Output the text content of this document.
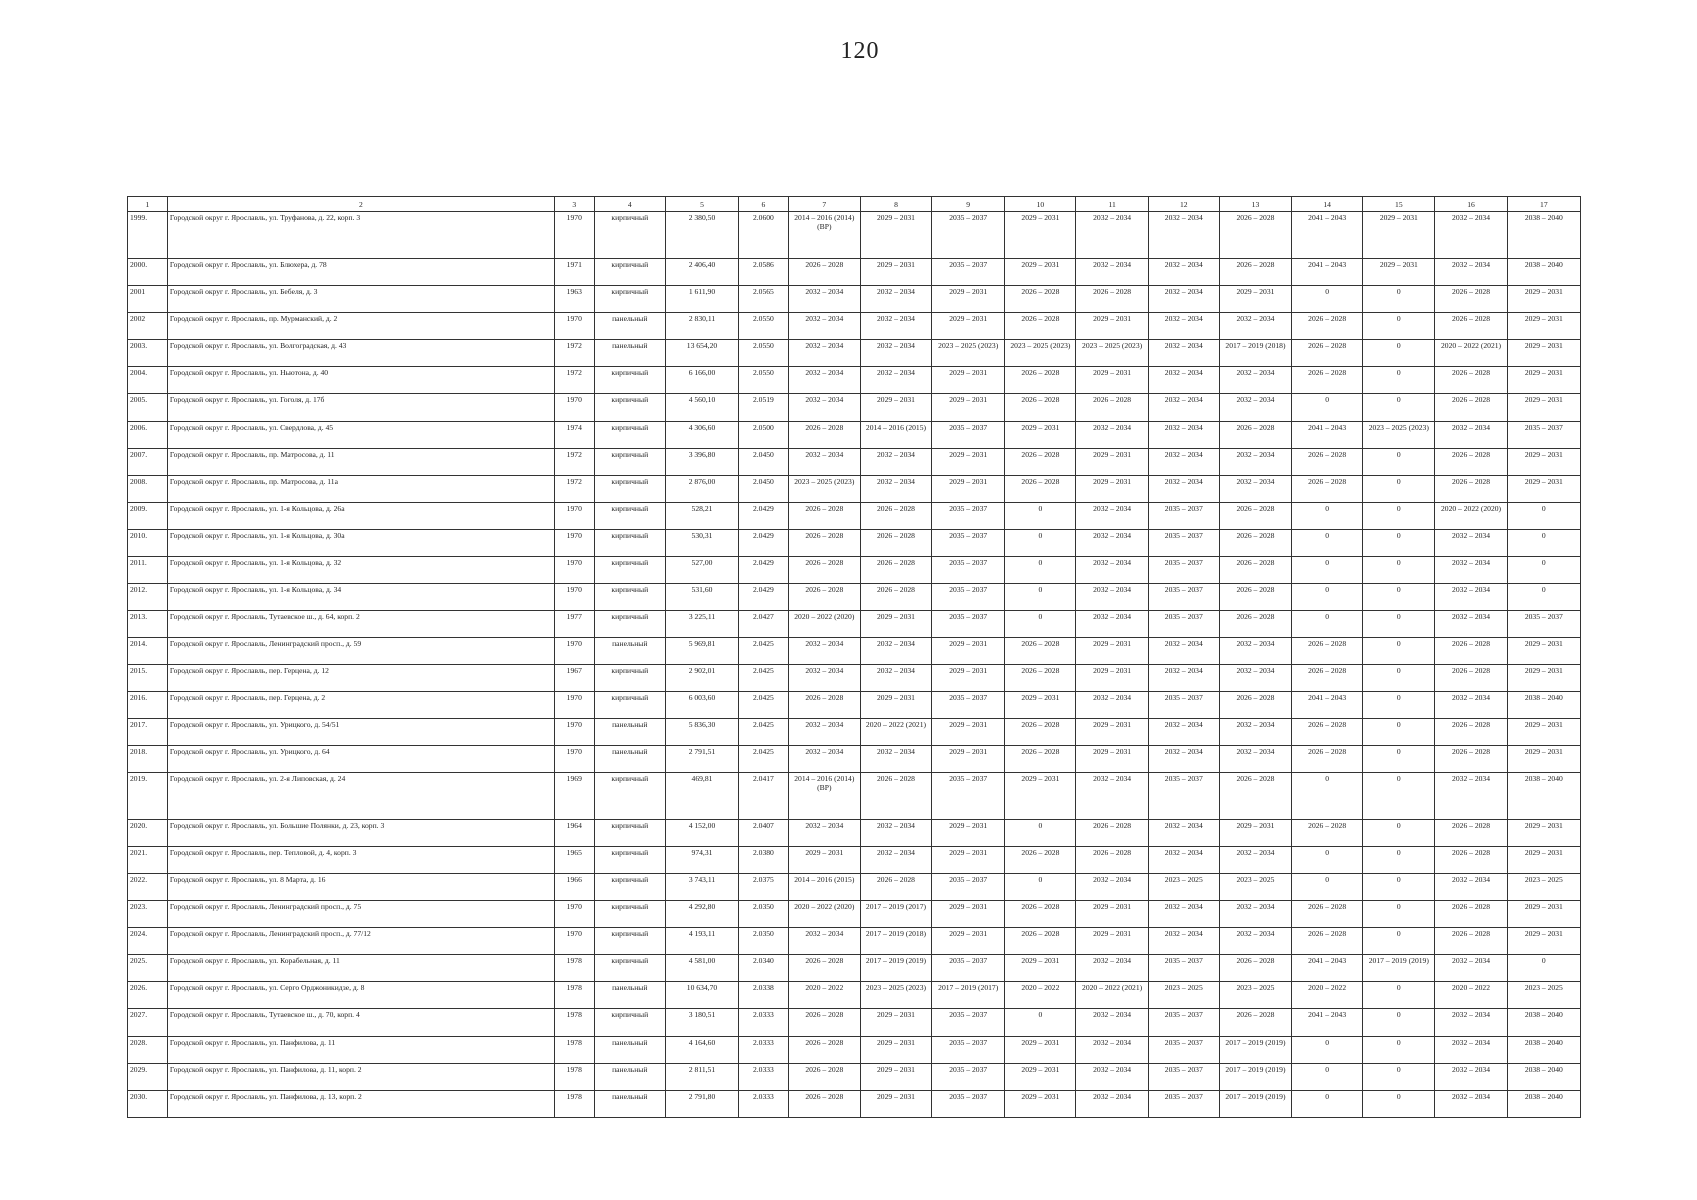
120
1	2	3	4	5	6	7	8	9	10	11	12	13	14	15	16	17
1999.	Городской округ г. Ярославль, ул. Труфанова, д. 22, корп. 3	1970	кирпичный	2 380,50	2.0600	2014 – 2016 (2014) (ВР)	2029 – 2031	2035 – 2037	2029 – 2031	2032 – 2034	2032 – 2034	2026 – 2028	2041 – 2043	2029 – 2031	2032 – 2034	2038 – 2040
2000.	Городской округ г. Ярославль, ул. Блюхера, д. 78	1971	кирпичный	2 406,40	2.0586	2026 – 2028	2029 – 2031	2035 – 2037	2029 – 2031	2032 – 2034	2032 – 2034	2026 – 2028	2041 – 2043	2029 – 2031	2032 – 2034	2038 – 2040
2001	Городской округ г. Ярославль, ул. Бебеля, д. 3	1963	кирпичный	1 611,90	2.0565	2032 – 2034	2032 – 2034	2029 – 2031	2026 – 2028	2026 – 2028	2032 – 2034	2029 – 2031	0	0	2026 – 2028	2029 – 2031
2002	Городской округ г. Ярославль, пр. Мурманский, д. 2	1970	панельный	2 830,11	2.0550	2032 – 2034	2032 – 2034	2029 – 2031	2026 – 2028	2029 – 2031	2032 – 2034	2032 – 2034	2026 – 2028	0	2026 – 2028	2029 – 2031
2003.	Городской округ г. Ярославль, ул. Волгоградская, д. 43	1972	панельный	13 654,20	2.0550	2032 – 2034	2032 – 2034	2023 – 2025 (2023)	2023 – 2025 (2023)	2023 – 2025 (2023)	2032 – 2034	2017 – 2019 (2018)	2026 – 2028	0	2020 – 2022 (2021)	2029 – 2031
2004.	Городской округ г. Ярославль, ул. Ньютона, д. 40	1972	кирпичный	6 166,00	2.0550	2032 – 2034	2032 – 2034	2029 – 2031	2026 – 2028	2029 – 2031	2032 – 2034	2032 – 2034	2026 – 2028	0	2026 – 2028	2029 – 2031
2005.	Городской округ г. Ярославль, ул. Гоголя, д. 17б	1970	кирпичный	4 560,10	2.0519	2032 – 2034	2029 – 2031	2029 – 2031	2026 – 2028	2026 – 2028	2032 – 2034	2032 – 2034	0	0	2026 – 2028	2029 – 2031
2006.	Городской округ г. Ярославль, ул. Свердлова, д. 45	1974	кирпичный	4 306,60	2.0500	2026 – 2028	2014 – 2016 (2015)	2035 – 2037	2029 – 2031	2032 – 2034	2032 – 2034	2026 – 2028	2041 – 2043	2023 – 2025 (2023)	2032 – 2034	2035 – 2037
2007.	Городской округ г. Ярославль, пр. Матросова, д. 11	1972	кирпичный	3 396,80	2.0450	2032 – 2034	2032 – 2034	2029 – 2031	2026 – 2028	2029 – 2031	2032 – 2034	2032 – 2034	2026 – 2028	0	2026 – 2028	2029 – 2031
2008.	Городской округ г. Ярославль, пр. Матросова, д. 11а	1972	кирпичный	2 876,00	2.0450	2023 – 2025 (2023)	2032 – 2034	2029 – 2031	2026 – 2028	2029 – 2031	2032 – 2034	2032 – 2034	2026 – 2028	0	2026 – 2028	2029 – 2031
2009.	Городской округ г. Ярославль, ул. 1-я Кольцова, д. 26а	1970	кирпичный	528,21	2.0429	2026 – 2028	2026 – 2028	2035 – 2037	0	2032 – 2034	2035 – 2037	2026 – 2028	0	0	2020 – 2022 (2020)	0
2010.	Городской округ г. Ярославль, ул. 1-я Кольцова, д. 30а	1970	кирпичный	530,31	2.0429	2026 – 2028	2026 – 2028	2035 – 2037	0	2032 – 2034	2035 – 2037	2026 – 2028	0	0	2032 – 2034	0
2011.	Городской округ г. Ярославль, ул. 1-я Кольцова, д. 32	1970	кирпичный	527,00	2.0429	2026 – 2028	2026 – 2028	2035 – 2037	0	2032 – 2034	2035 – 2037	2026 – 2028	0	0	2032 – 2034	0
2012.	Городской округ г. Ярославль, ул. 1-я Кольцова, д. 34	1970	кирпичный	531,60	2.0429	2026 – 2028	2026 – 2028	2035 – 2037	0	2032 – 2034	2035 – 2037	2026 – 2028	0	0	2032 – 2034	0
2013.	Городской округ г. Ярославль, Тутаевское ш., д. 64, корп. 2	1977	кирпичный	3 225,11	2.0427	2020 – 2022 (2020)	2029 – 2031	2035 – 2037	0	2032 – 2034	2035 – 2037	2026 – 2028	0	0	2032 – 2034	2035 – 2037
2014.	Городской округ г. Ярославль, Ленинградский просп., д. 59	1970	панельный	5 969,81	2.0425	2032 – 2034	2032 – 2034	2029 – 2031	2026 – 2028	2029 – 2031	2032 – 2034	2032 – 2034	2026 – 2028	0	2026 – 2028	2029 – 2031
2015.	Городской округ г. Ярославль, пер. Герцена, д. 12	1967	кирпичный	2 902,01	2.0425	2032 – 2034	2032 – 2034	2029 – 2031	2026 – 2028	2029 – 2031	2032 – 2034	2032 – 2034	2026 – 2028	0	2026 – 2028	2029 – 2031
2016.	Городской округ г. Ярославль, пер. Герцена, д. 2	1970	кирпичный	6 003,60	2.0425	2026 – 2028	2029 – 2031	2035 – 2037	2029 – 2031	2032 – 2034	2035 – 2037	2026 – 2028	2041 – 2043	0	2032 – 2034	2038 – 2040
2017.	Городской округ г. Ярославль, ул. Урицкого, д. 54/51	1970	панельный	5 836,30	2.0425	2032 – 2034	2020 – 2022 (2021)	2029 – 2031	2026 – 2028	2029 – 2031	2032 – 2034	2032 – 2034	2026 – 2028	0	2026 – 2028	2029 – 2031
2018.	Городской округ г. Ярославль, ул. Урицкого, д. 64	1970	панельный	2 791,51	2.0425	2032 – 2034	2032 – 2034	2029 – 2031	2026 – 2028	2029 – 2031	2032 – 2034	2032 – 2034	2026 – 2028	0	2026 – 2028	2029 – 2031
2019.	Городской округ г. Ярославль, ул. 2-я Липовская, д. 24	1969	кирпичный	469,81	2.0417	2014 – 2016 (2014) (ВР)	2026 – 2028	2035 – 2037	2029 – 2031	2032 – 2034	2035 – 2037	2026 – 2028	0	0	2032 – 2034	2038 – 2040
2020.	Городской округ г. Ярославль, ул. Большие Полянки, д. 23, корп. 3	1964	кирпичный	4 152,00	2.0407	2032 – 2034	2032 – 2034	2029 – 2031	0	2026 – 2028	2032 – 2034	2029 – 2031	2026 – 2028	0	2026 – 2028	2029 – 2031
2021.	Городской округ г. Ярославль, пер. Тепловой, д. 4, корп. 3	1965	кирпичный	974,31	2.0380	2029 – 2031	2032 – 2034	2029 – 2031	2026 – 2028	2026 – 2028	2032 – 2034	2032 – 2034	0	0	2026 – 2028	2029 – 2031
2022.	Городской округ г. Ярославль, ул. 8 Марта, д. 16	1966	кирпичный	3 743,11	2.0375	2014 – 2016 (2015)	2026 – 2028	2035 – 2037	0	2032 – 2034	2023 – 2025	2023 – 2025	0	0	2032 – 2034	2023 – 2025
2023.	Городской округ г. Ярославль, Ленинградский просп., д. 75	1970	кирпичный	4 292,80	2.0350	2020 – 2022 (2020)	2017 – 2019 (2017)	2029 – 2031	2026 – 2028	2029 – 2031	2032 – 2034	2032 – 2034	2026 – 2028	0	2026 – 2028	2029 – 2031
2024.	Городской округ г. Ярославль, Ленинградский просп., д. 77/12	1970	кирпичный	4 193,11	2.0350	2032 – 2034	2017 – 2019 (2018)	2029 – 2031	2026 – 2028	2029 – 2031	2032 – 2034	2032 – 2034	2026 – 2028	0	2026 – 2028	2029 – 2031
2025.	Городской округ г. Ярославль, ул. Корабельная, д. 11	1978	кирпичный	4 581,00	2.0340	2026 – 2028	2017 – 2019 (2019)	2035 – 2037	2029 – 2031	2032 – 2034	2035 – 2037	2026 – 2028	2041 – 2043	2017 – 2019 (2019)	2032 – 2034	0
2026.	Городской округ г. Ярославль, ул. Серго Орджоникидзе, д. 8	1978	панельный	10 634,70	2.0338	2020 – 2022	2023 – 2025 (2023)	2017 – 2019 (2017)	2020 – 2022	2020 – 2022 (2021)	2023 – 2025	2023 – 2025	2020 – 2022	0	2020 – 2022	2023 – 2025
2027.	Городской округ г. Ярославль, Тутаевское ш., д. 70, корп. 4	1978	кирпичный	3 180,51	2.0333	2026 – 2028	2029 – 2031	2035 – 2037	0	2032 – 2034	2035 – 2037	2026 – 2028	2041 – 2043	0	2032 – 2034	2038 – 2040
2028.	Городской округ г. Ярославль, ул. Панфилова, д. 11	1978	панельный	4 164,60	2.0333	2026 – 2028	2029 – 2031	2035 – 2037	2029 – 2031	2032 – 2034	2035 – 2037	2017 – 2019 (2019)	0	0	2032 – 2034	2038 – 2040
2029.	Городской округ г. Ярославль, ул. Панфилова, д. 11, корп. 2	1978	панельный	2 811,51	2.0333	2026 – 2028	2029 – 2031	2035 – 2037	2029 – 2031	2032 – 2034	2035 – 2037	2017 – 2019 (2019)	0	0	2032 – 2034	2038 – 2040
2030.	Городской округ г. Ярославль, ул. Панфилова, д. 13, корп. 2	1978	панельный	2 791,80	2.0333	2026 – 2028	2029 – 2031	2035 – 2037	2029 – 2031	2032 – 2034	2035 – 2037	2017 – 2019 (2019)	0	0	2032 – 2034	2038 – 2040
